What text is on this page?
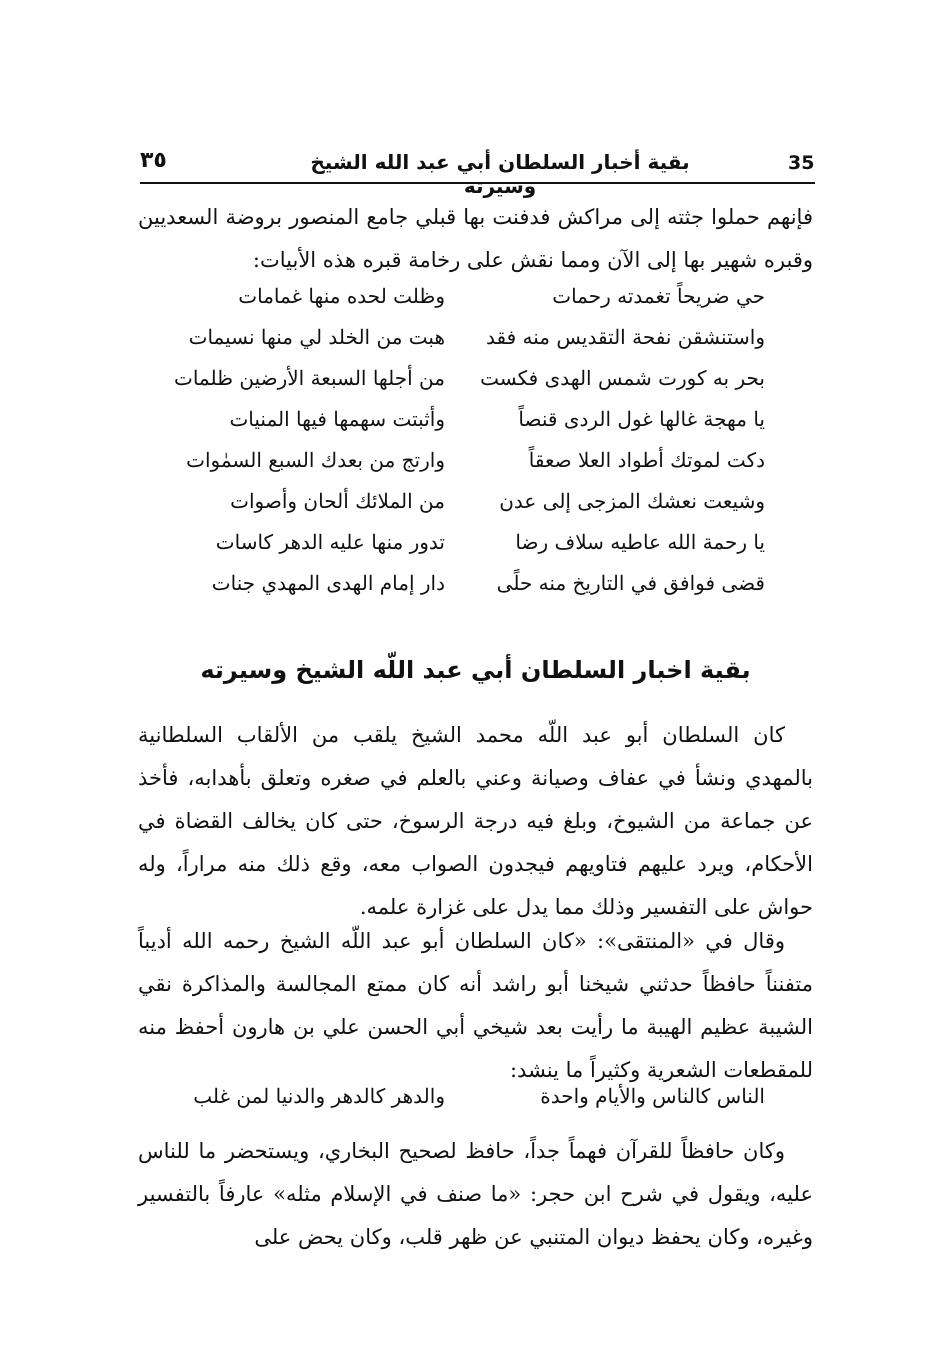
٣٥	بقية أخبار السلطان أبي عبد الله الشيخ وسيرته
35
فإنهم حملوا جثته إلى مراكش فدفنت بها قبلي جامع المنصور بروضة السعديين وقبره شهير بها إلى الآن ومما نقش على رخامة قبره هذه الأبيات:
حي ضريحاً تغمدته رحمات
وظلت لحده منها غمامات
واستنشقن نفحة التقديس منه فقد
هبت من الخلد لي منها نسيمات
بحر به كورت شمس الهدى فكست
من أجلها السبعة الأرضين ظلمات
يا مهجة غالها غول الردى قنصاً
وأثبتت سهمها فيها المنيات
دكت لموتك أطواد العلا صعقاً
وارتج من بعدك السبع السمٰوات
وشيعت نعشك المزجى إلى عدن
من الملائك ألحان وأصوات
يا رحمة الله عاطيه سلاف رضا
تدور منها عليه الدهر كاسات
قضى فوافق في التاريخ منه حلًى
دار إمام الهدى المهدي جنات
بقية اخبار السلطان أبي عبد اللّه الشيخ وسيرته
كان السلطان أبو عبد اللّه محمد الشيخ يلقب من الألقاب السلطانية بالمهدي ونشأ في عفاف وصيانة وعني بالعلم في صغره وتعلق بأهدابه، فأخذ عن جماعة من الشيوخ، وبلغ فيه درجة الرسوخ، حتى كان يخالف القضاة في الأحكام، ويرد عليهم فتاويهم فيجدون الصواب معه، وقع ذلك منه مراراً، وله حواش على التفسير وذلك مما يدل على غزارة علمه.
وقال في «المنتقى»: «كان السلطان أبو عبد اللّه الشيخ رحمه الله أديباً متفنناً حافظاً حدثني شيخنا أبو راشد أنه كان ممتع المجالسة والمذاكرة نقي الشيبة عظيم الهيبة ما رأيت بعد شيخي أبي الحسن علي بن هارون أحفظ منه للمقطعات الشعرية وكثيراً ما ينشد:
الناس كالناس والأيام واحدة
والدهر كالدهر والدنيا لمن غلب
وكان حافظاً للقرآن فهماً جداً، حافظ لصحيح البخاري، ويستحضر ما للناس عليه، ويقول في شرح ابن حجر: «ما صنف في الإسلام مثله» عارفاً بالتفسير وغيره، وكان يحفظ ديوان المتنبي عن ظهر قلب، وكان يحض على
